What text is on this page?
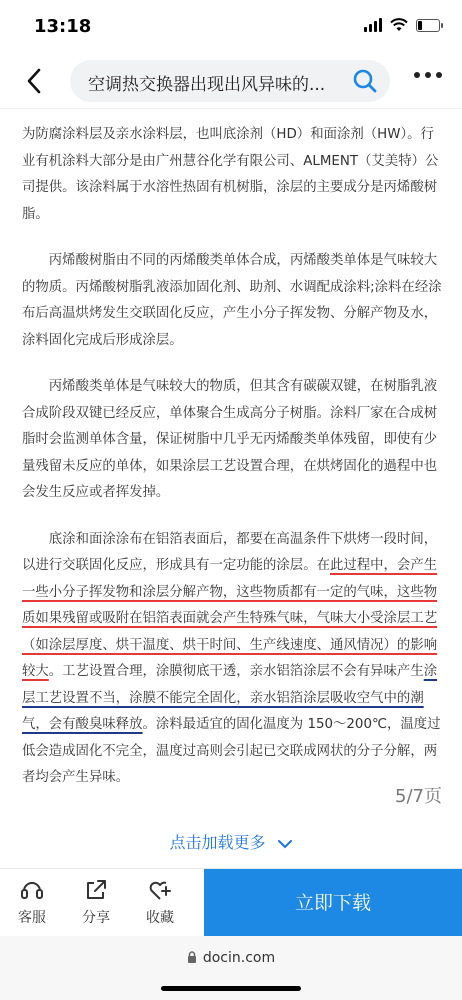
13:18
空调热交换器出现出风异味的...

为防腐涂料层及亲水涂料层，也叫底涂剂（HD）和面涂剂（HW）。行业有机涂料大部分是由广州慧谷化学有限公司、ALMENT（艾美特）公司提供。该涂料属于水溶性热固有机树脂，涂层的主要成分是丙烯酸树脂。

丙烯酸树脂由不同的丙烯酸类单体合成，丙烯酸类单体是气味较大的物质。丙烯酸树脂乳液添加固化剂、助剂、水调配成涂料;涂料在经涂布后高温烘烤发生交联固化反应，产生小分子挥发物、分解产物及水，涂料固化完成后形成涂层。

丙烯酸类单体是气味较大的物质，但其含有碳碳双键，在树脂乳液合成阶段双键已经反应，单体聚合生成高分子树脂。涂料厂家在合成树脂时会监测单体含量，保证树脂中几乎无丙烯酸类单体残留，即使有少量残留未反应的单体，如果涂层工艺设置合理，在烘烤固化的過程中也会发生反应或者挥发掉。

底涂和面涂涂布在铝箔表面后，都要在高温条件下烘烤一段时间，以进行交联固化反应，形成具有一定功能的涂层。在此过程中，会产生一些小分子挥发物和涂层分解产物，这些物质都有一定的气味，这些物质如果残留或吸附在铝箔表面就会产生特殊气味，气味大小受涂层工艺（如涂层厚度、烘干温度、烘干时间、生产线速度、通风情况）的影响较大。工艺设置合理，涂膜彻底干透，亲水铝箔涂层不会有异味产生涂层工艺设置不当，涂膜不能完全固化，亲水铝箔涂层吸收空气中的潮气，会有酸臭味释放。涂料最适宜的固化温度为 150～200℃，温度过低会造成固化不完全，温度过高则会引起已交联成网状的分子分解，两者均会产生异味。

5/7页
点击加载更多
客服	分享	收藏
立即下载
docin.com
